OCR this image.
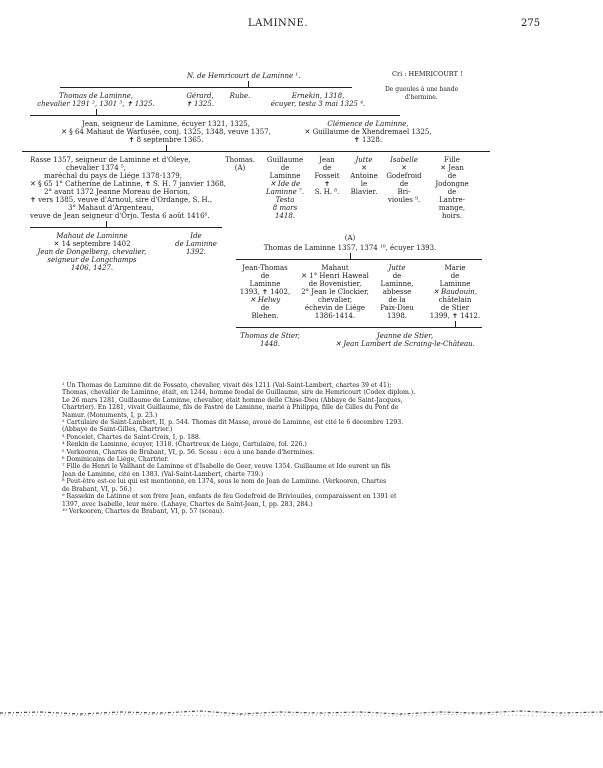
LAMINNE.	275
Cri : HEMRICOURT !
De gueules à une bande
d'hermine.
N. de Hemricourt de Laminne ¹.
Thomas de Laminne,
chevalier 1291 ², 1301 ³, ✝ 1325.
Gérard,
✝ 1325.
Rube.	Ernekin, 1318,
écuyer, testa 3 mai 1325 ⁴.
Jean, seigneur de Laminne, écuyer 1321, 1325,
✕ § 64 Mahaut de Warfusée, conj. 1325, 1348, veuve 1357,
✝ 8 septembre 1365.
Clémence de Laminne,
✕ Guillaume de Xhendremael 1325,
✝ 1328.
Rasse 1357, seigneur de Laminne et d'Oleye,
chevalier 1374 ⁵,
maréchal du pays de Liége 1378-1379,
✕ § 65 1° Catherine de Latinne, ✝ S. H. 7 janvier 1368,
2° avant 1372 Jeanne Moreau de Horion,
✝ vers 1385, veuve d'Arnoul, sire d'Ordange, S. H.,
3° Mahaut d'Argenteau,
veuve de Jean seigneur d'Orjo. Testa 6 août 1416⁶.
Thomas.
(A)
Guillaume
de
Laminne
✕ Ide de
Laminne ⁷.
Testa
8 mars
1418.
Jean
de
Fosseit
✝
S. H. ⁸.
Jutte
✕
Antoine
le
Blavier.
Isabelle
✕
Godefroid
de
Bri-
vioules ⁹.
Fille
✕ Jean
de
Jodongne
de
Lantre-
mange,
hoirs.
Mahaut de Laminne
✕ 14 septembre 1402
Jean de Dongelberg, chevalier,
seigneur de Longchamps
1406, 1427.
Ide
de Laminne
1392.
(A)
Thomas de Laminne 1357, 1374 ¹⁰, écuyer 1393.
Jean-Thomas
de
Laminne
1393, ✝ 1402,
✕ Helwy
de
Blehen.
Mahaut
✕ 1° Henri Haweal
de Bovenistier,
2° Jean le Clockier,
chevalier,
échevin de Liége
1386-1414.
Jutte
de
Laminne,
abbesse
de la
Paix-Dieu
1398.
Marie
de
Laminne
✕ Baudouin,
châtelain
de Stier
1399, ✝ 1412.
Thomas de Stier,
1448.
Jeanne de Stier,
✕ Jean Lambert de Scraing-le-Château.
¹ Un Thomas de Laminne dit de Fossato, chevalier, vivait dès 1211 (Val-Saint-Lambert, chartes 39 et 41);
Thomas, chevalier de Laminne, était, en 1244, homme feodal de Guillaume, sire de Hemricourt (Codex diplom.).
Le 26 mars 1281, Guillaume de Laminne, chevalier, était homme delle Chise-Dieu (Abbaye de Saint-Jacques,
Chartrier). En 1281, vivait Guillaume, fils de Fastré de Laminne, marié à Philippa, fille de Gilles du Pont de
Namur. (Monuments, I, p. 23.)
² Cartulaire de Saint-Lambert, II, p. 544. Thomas dit Masse, avoué de Laminne, est cité le 6 décembre 1293.
(Abbaye de Saint-Gilles, Chartrier.)
³ Poncelet, Chartes de Saint-Croix, I, p. 188.
⁴ Renkin de Laminne, écuyer, 1318. (Chartreux de Liége, Cartulaire, fol. 226.)
⁵ Verkooren, Chartes de Brabant, VI, p. 56. Sceau : écu à une bande d'hermines.
⁶ Dominicains de Liége, Chartrier.
⁷ Fille de Henri le Vailhant de Laminne et d'Isabelle de Geer, veuve 1354. Guillaume et Ide eurent un fils
Jean de Laminne, cité en 1383. (Val-Saint-Lambert, charte 739.)
⁸ Peut-être est-ce lui qui est mentionné, en 1374, sous le nom de Jean de Laminne. (Verkooren, Chartes
de Brabant, VI, p. 56.)
⁹ Rassekin de Latinne et son frère Jean, enfants de feu Godefroid de Briviouiles, comparaissent en 1391 et
1397, avec Isabelle, leur mère. (Lahaye, Chartes de Saint-Jean, I, pp. 283, 284.)
¹⁰ Verkooren, Chartes de Brabant, VI, p. 57 (sceau).
